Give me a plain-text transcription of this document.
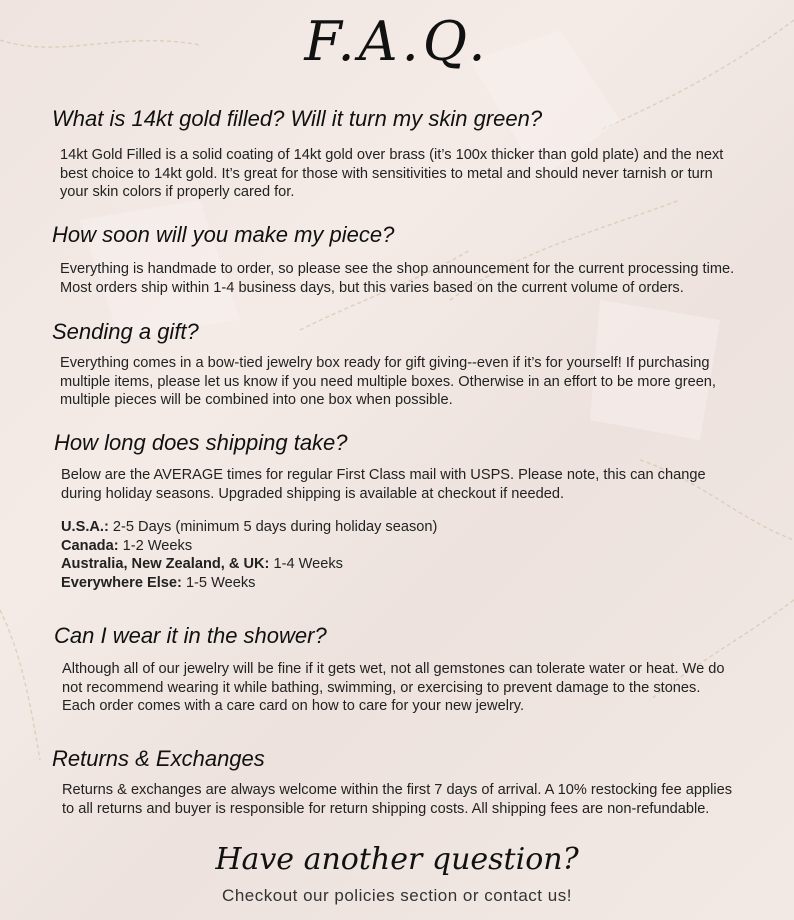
F.A.Q.
What is 14kt gold filled? Will it turn my skin green?
14kt Gold Filled is a solid coating of 14kt gold over brass (it’s 100x thicker than gold plate) and the next
best choice to 14kt gold. It’s great for those with sensitivities to metal and should never tarnish or turn
your skin colors if properly cared for.
How soon will you make my piece?
Everything is handmade to order, so please see the shop announcement for the current processing time.
Most orders ship within 1-4 business days, but this varies based on the current volume of orders.
Sending a gift?
Everything comes in a bow-tied jewelry box ready for gift giving--even if it’s for yourself! If purchasing
multiple items, please let us know if you need multiple boxes. Otherwise in an effort to be more green,
multiple pieces will be combined into one box when possible.
How long does shipping take?
Below are the AVERAGE times for regular First Class mail with USPS. Please note, this can change
during holiday seasons. Upgraded shipping is available at checkout if needed.
U.S.A.: 2-5 Days (minimum 5 days during holiday season)
Canada: 1-2 Weeks
Australia, New Zealand, & UK: 1-4 Weeks
Everywhere Else: 1-5 Weeks
Can I wear it in the shower?
Although all of our jewelry will be fine if it gets wet, not all gemstones can tolerate water or heat. We do
not recommend wearing it while bathing, swimming, or exercising to prevent damage to the stones.
Each order comes with a care card on how to care for your new jewelry.
Returns & Exchanges
Returns & exchanges are always welcome within the first 7 days of arrival. A 10% restocking fee applies
to all returns and buyer is responsible for return shipping costs. All shipping fees are non-refundable.
Have another question?
Checkout our policies section or contact us!
